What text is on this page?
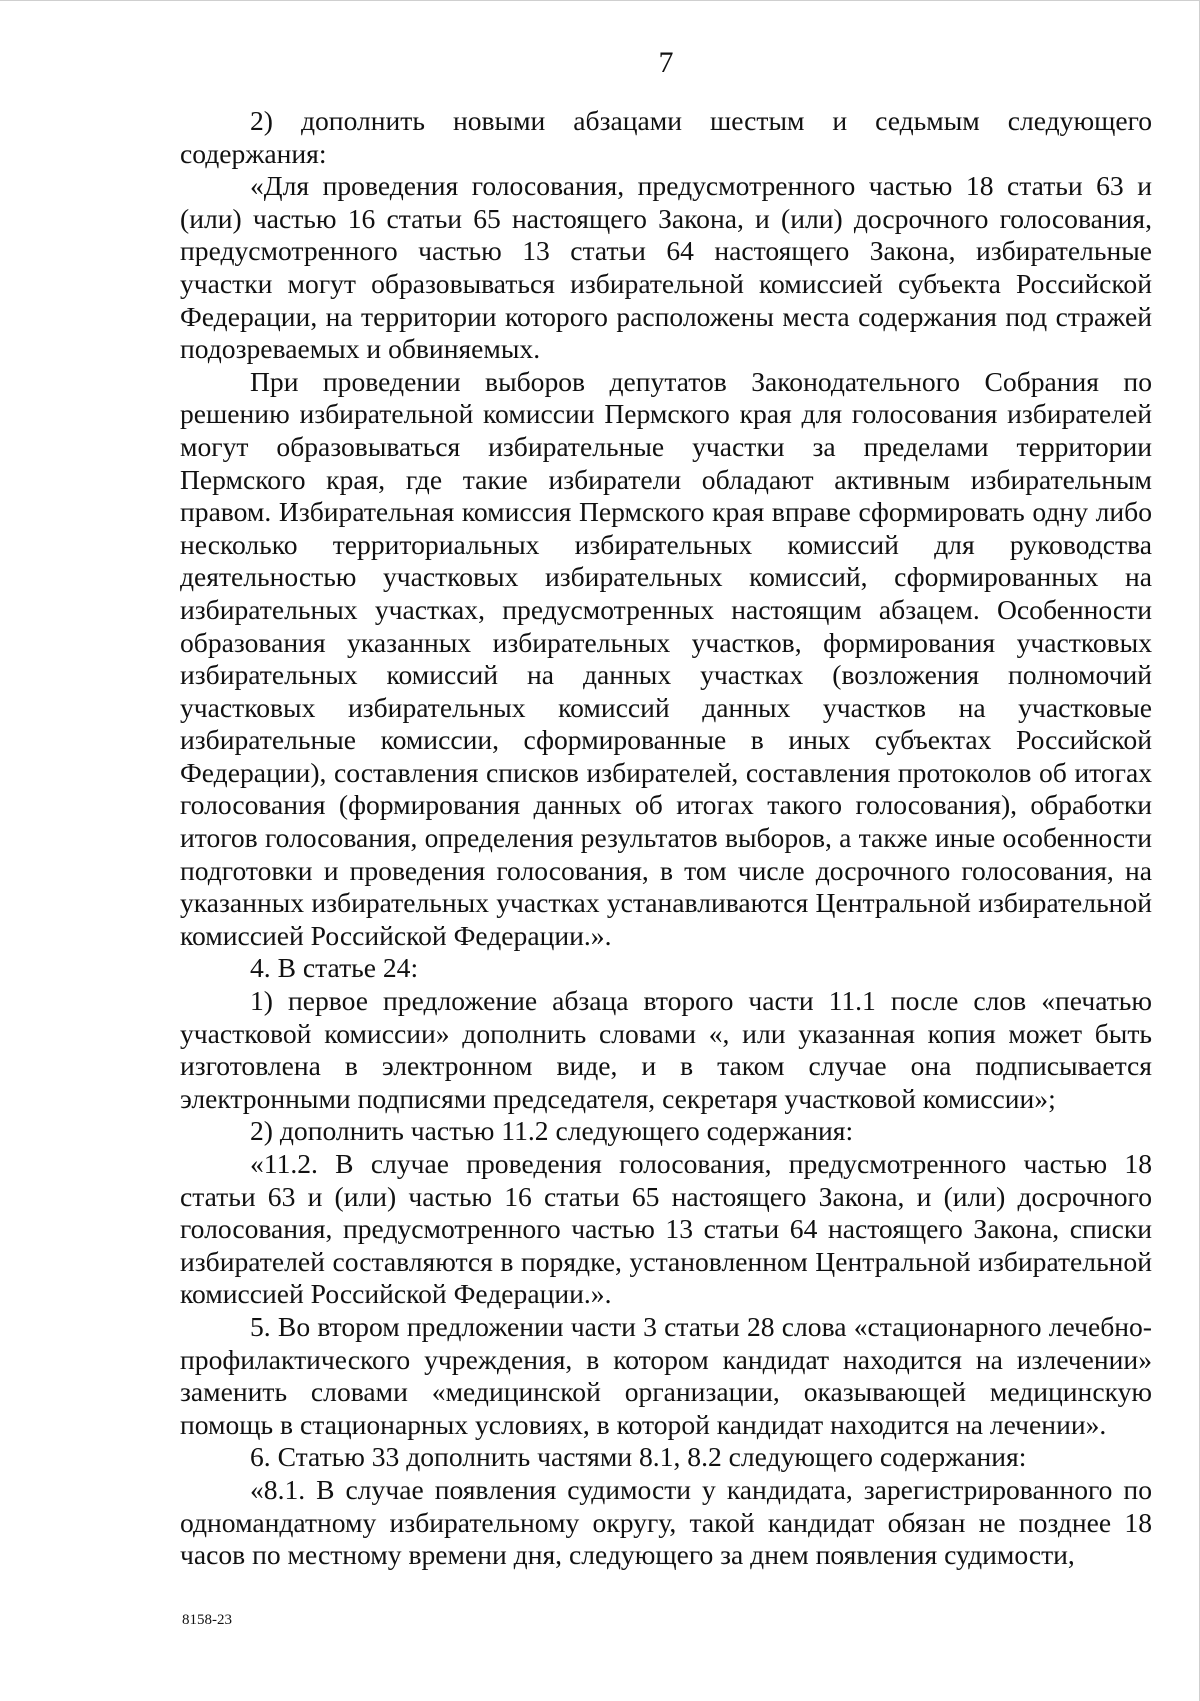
7

2) дополнить новыми абзацами шестым и седьмым следующего содержания:

«Для проведения голосования, предусмотренного частью 18 статьи 63 и (или) частью 16 статьи 65 настоящего Закона, и (или) досрочного голосования, предусмотренного частью 13 статьи 64 настоящего Закона, избирательные участки могут образовываться избирательной комиссией субъекта Российской Федерации, на территории которого расположены места содержания под стражей подозреваемых и обвиняемых.

При проведении выборов депутатов Законодательного Собрания по решению избирательной комиссии Пермского края для голосования избирателей могут образовываться избирательные участки за пределами территории Пермского края, где такие избиратели обладают активным избирательным правом. Избирательная комиссия Пермского края вправе сформировать одну либо несколько территориальных избирательных комиссий для руководства деятельностью участковых избирательных комиссий, сформированных на избирательных участках, предусмотренных настоящим абзацем. Особенности образования указанных избирательных участков, формирования участковых избирательных комиссий на данных участках (возложения полномочий участковых избирательных комиссий данных участков на участковые избирательные комиссии, сформированные в иных субъектах Российской Федерации), составления списков избирателей, составления протоколов об итогах голосования (формирования данных об итогах такого голосования), обработки итогов голосования, определения результатов выборов, а также иные особенности подготовки и проведения голосования, в том числе досрочного голосования, на указанных избирательных участках устанавливаются Центральной избирательной комиссией Российской Федерации.».

4. В статье 24:

1) первое предложение абзаца второго части 11.1 после слов «печатью участковой комиссии» дополнить словами «, или указанная копия может быть изготовлена в электронном виде, и в таком случае она подписывается электронными подписями председателя, секретаря участковой комиссии»;

2) дополнить частью 11.2 следующего содержания:

«11.2. В случае проведения голосования, предусмотренного частью 18 статьи 63 и (или) частью 16 статьи 65 настоящего Закона, и (или) досрочного голосования, предусмотренного частью 13 статьи 64 настоящего Закона, списки избирателей составляются в порядке, установленном Центральной избирательной комиссией Российской Федерации.».

5. Во втором предложении части 3 статьи 28 слова «стационарного лечебно-профилактического учреждения, в котором кандидат находится на излечении» заменить словами «медицинской организации, оказывающей медицинскую помощь в стационарных условиях, в которой кандидат находится на лечении».

6. Статью 33 дополнить частями 8.1, 8.2 следующего содержания:

«8.1. В случае появления судимости у кандидата, зарегистрированного по одномандатному избирательному округу, такой кандидат обязан не позднее 18 часов по местному времени дня, следующего за днем появления судимости,

8158-23
